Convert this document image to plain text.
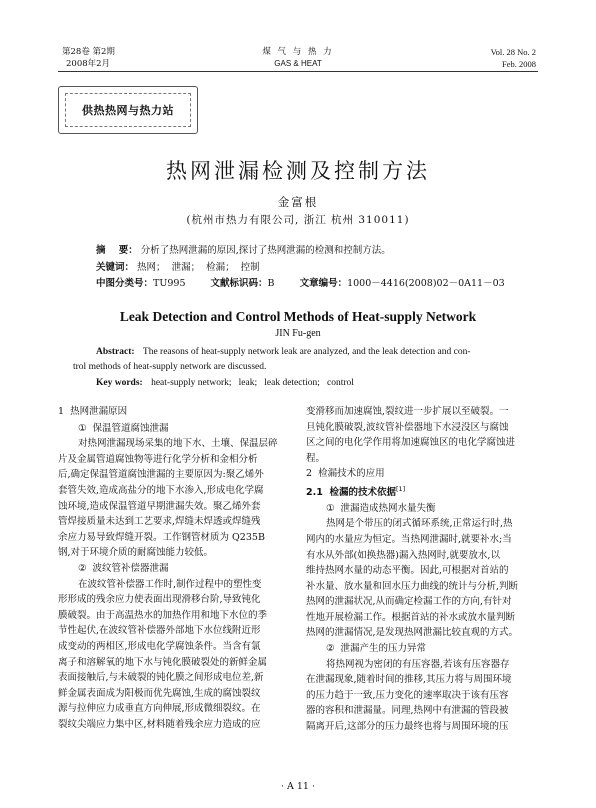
第28卷 第2期
2008年2月
煤 气 与 热 力
GAS & HEAT
Vol. 28 No. 2
Feb. 2008
供热热网与热力站
热网泄漏检测及控制方法
金富根
(杭州市热力有限公司, 浙江 杭州 310011)
摘    要： 分析了热网泄漏的原因,探讨了热网泄漏的检测和控制方法。
关键词： 热网；  泄漏；  检漏；  控制
中图分类号：TU995	文献标识码：B	文章编号：1000－4416(2008)02－0A11－03
Leak Detection and Control Methods of Heat-supply Network
JIN Fu-gen
Abstract: The reasons of heat-supply network leak are analyzed, and the leak detection and con-
trol methods of heat-supply network are discussed.
Key words: heat-supply network;   leak;   leak detection;   control

1  热网泄漏原因

①  保温管道腐蚀泄漏

对热网泄漏现场采集的地下水、土壤、保温层碎

片及金属管道腐蚀物等进行化学分析和金相分析

后,确定保温管道腐蚀泄漏的主要原因为:聚乙烯外

套管失效,造成高盐分的地下水渗入,形成电化学腐

蚀环境,造成保温管道早期泄漏失效。聚乙烯外套

管焊接质量未达到工艺要求,焊缝未焊透或焊缝残

余应力易导致焊缝开裂。工作钢管材质为 Q235B

钢,对于环境介质的耐腐蚀能力较低。

②  波纹管补偿器泄漏

在波纹管补偿器工作时,制作过程中的塑性变

形形成的残余应力使表面出现滑移台阶,导致钝化

膜破裂。由于高温热水的加热作用和地下水位的季

节性起伏,在波纹管补偿器外部地下水位线附近形

成变动的两相区,形成电化学腐蚀条件。当含有氯

离子和溶解氧的地下水与钝化膜破裂处的新鲜金属

表面接触后,与未破裂的钝化膜之间形成电位差,新

鲜金属表面成为阳极而优先腐蚀,生成的腐蚀裂纹

源与拉伸应力成垂直方向伸展,形成微细裂纹。在

裂纹尖端应力集中区,材料随着残余应力造成的应

变滑移而加速腐蚀,裂纹进一步扩展以至破裂。一

旦钝化膜破裂,波纹管补偿器地下水浸没区与腐蚀

区之间的电化学作用将加速腐蚀区的电化学腐蚀进

程。

2  检漏技术的应用

2.1  检漏的技术依据[1]

①  泄漏造成热网水量失衡

热网是个带压的闭式循环系统,正常运行时,热

网内的水量应为恒定。当热网泄漏时,就要补水;当

有水从外部(如换热器)漏入热网时,就要放水,以

维持热网水量的动态平衡。因此,可根据对首站的

补水量、放水量和回水压力曲线的统计与分析,判断

热网的泄漏状况,从而确定检漏工作的方向,有针对

性地开展检漏工作。根据首站的补水或放水量判断

热网的泄漏情况,是发现热网泄漏比较直观的方式。

②  泄漏产生的压力异常

将热网视为密闭的有压容器,若该有压容器存

在泄漏现象,随着时间的推移,其压力将与周围环境

的压力趋于一致,压力变化的速率取决于该有压容

器的容积和泄漏量。同理,热网中有泄漏的管段被

隔离开后,这部分的压力最终也将与周围环境的压

· A 11 ·
